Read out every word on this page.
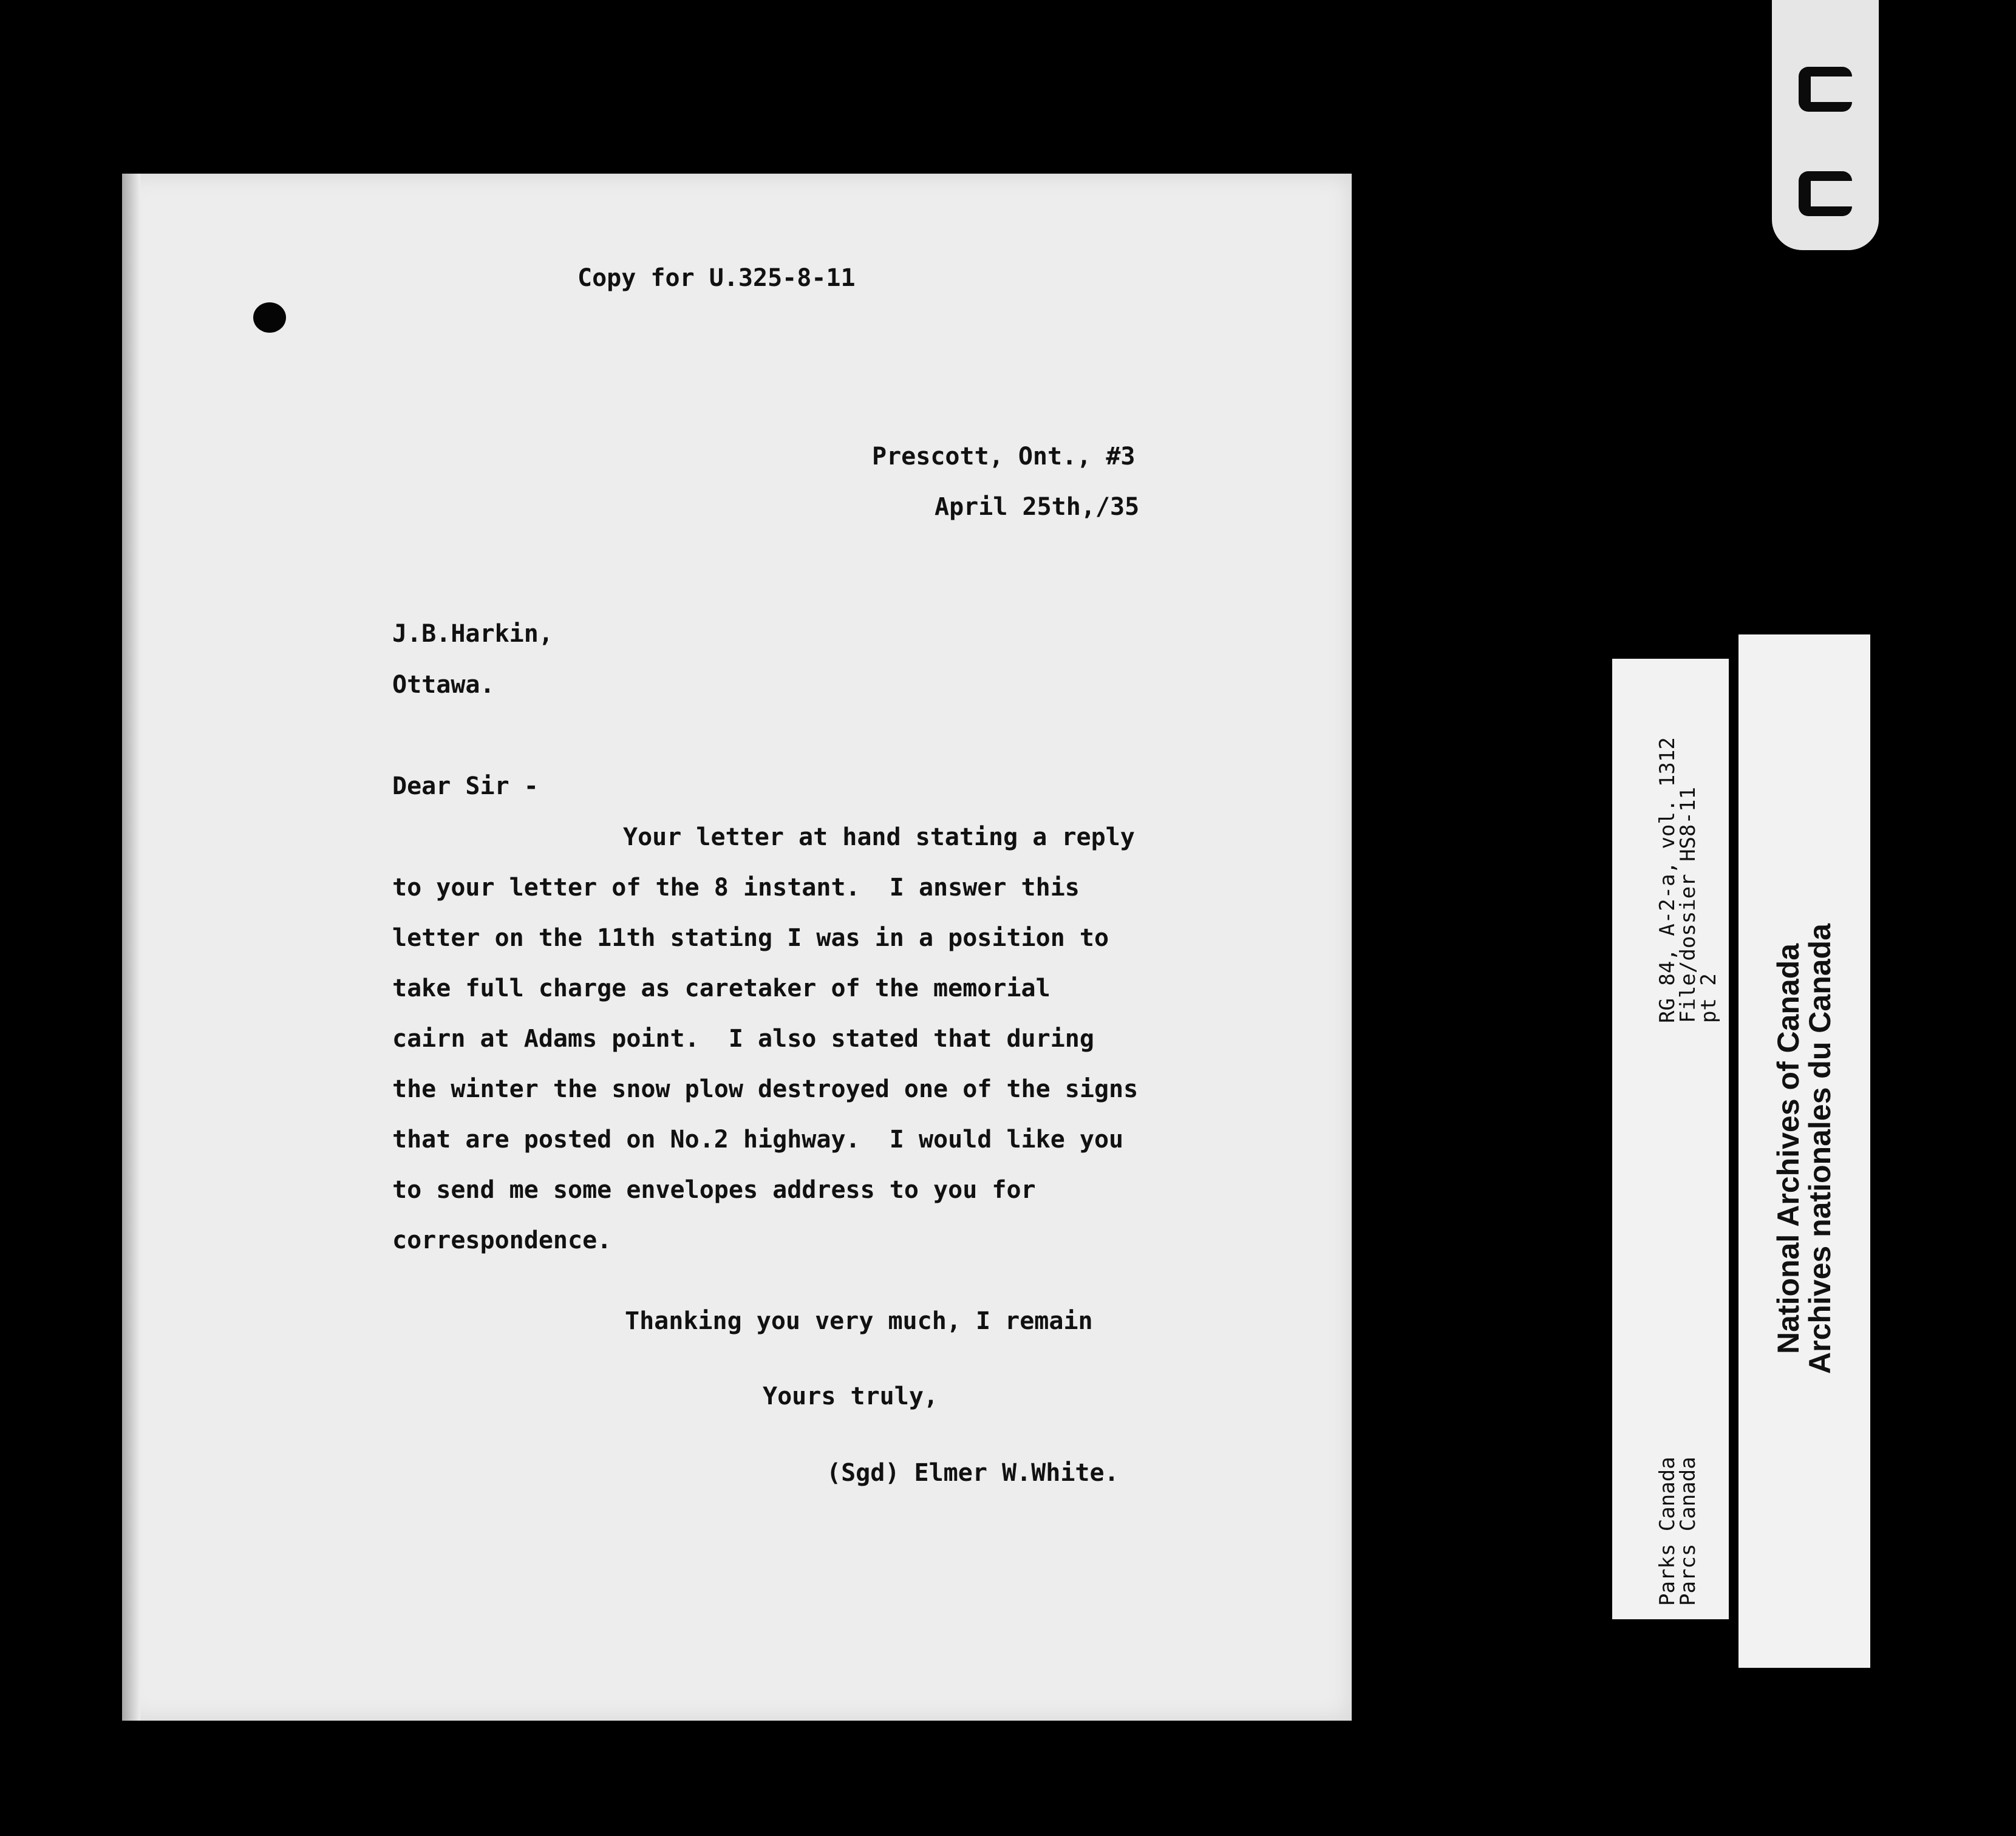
Copy for U.325-8-11

Prescott, Ont., #3

April 25th,/35

J.B.Harkin,

Ottawa.

Dear Sir -

Your letter at hand stating a reply

to your letter of the 8 instant.  I answer this

letter on the 11th stating I was in a position to

take full charge as caretaker of the memorial

cairn at Adams point.  I also stated that during

the winter the snow plow destroyed one of the signs

that are posted on No.2 highway.  I would like you

to send me some envelopes address to you for

correspondence.

Thanking you very much, I remain

Yours truly,

(Sgd) Elmer W.White.

RG 84, A-2-a, vol. 1312
File/dossier HS8-11
pt 2
Parks Canada
Parcs Canada
National Archives of Canada
Archives nationales du Canada
